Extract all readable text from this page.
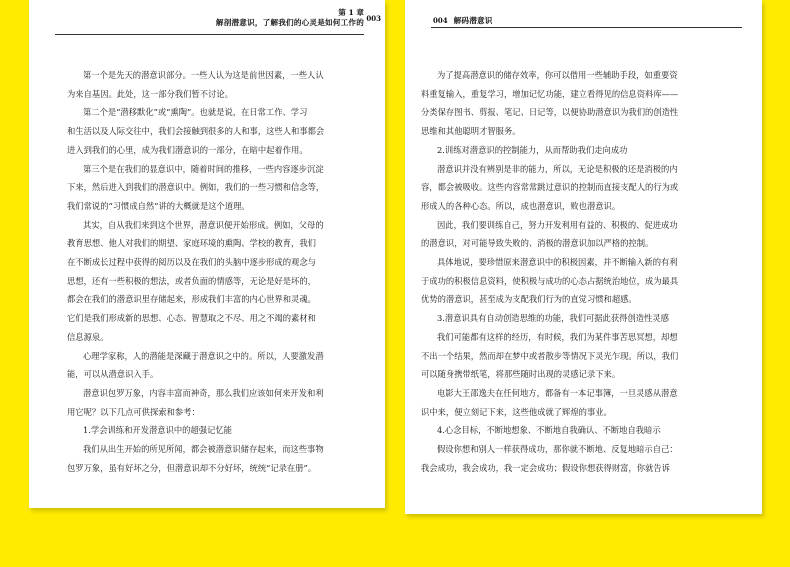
第 1 章
解剖潜意识，了解我们的心灵是如何工作的 003
第一个是先天的潜意识部分。一些人认为这是前世因素，一些人认
为来自基因。此处，这一部分我们暂不讨论。
第二个是“潜移默化”或“熏陶”。也就是说，在日常工作、学习
和生活以及人际交往中，我们会接触到很多的人和事，这些人和事都会
进入到我们的心里，成为我们潜意识的一部分，在暗中起着作用。
第三个是在我们的显意识中，随着时间的推移，一些内容逐步沉淀
下来，然后进入到我们的潜意识中。例如，我们的一些习惯和信念等，
我们常说的“习惯成自然”讲的大概就是这个道理。
其实，自从我们来到这个世界，潜意识便开始形成。例如，父母的
教育思想、他人对我们的期望、家庭环境的熏陶、学校的教育，我们
在不断成长过程中获得的阅历以及在我们的头脑中逐步形成的观念与
思想，还有一些积极的想法，或者负面的情感等，无论是好是坏的，
都会在我们的潜意识里存储起来，形成我们丰富的内心世界和灵魂。
它们是我们形成新的思想、心态、智慧取之不尽、用之不竭的素材和
信息源泉。
心理学家称，人的潜能是深藏于潜意识之中的。所以，人要激发潜
能，可以从潜意识入手。
潜意识包罗万象，内容丰富而神奇，那么我们应该如何来开发和利
用它呢？以下几点可供探索和参考：
1.学会训练和开发潜意识中的超强记忆能
我们从出生开始的所见所闻，都会被潜意识储存起来，而这些事物
包罗万象，虽有好坏之分，但潜意识却不分好坏，统统“记录在册”。
004 解码潜意识
为了提高潜意识的储存效率，你可以借用一些辅助手段，如重要资
料重复输入，重复学习，增加记忆功能，建立看得见的信息资料库——
分类保存图书、剪报、笔记、日记等，以便协助潜意识为我们的创造性
思维和其他聪明才智服务。
2.训练对潜意识的控制能力，从而帮助我们走向成功
潜意识并没有辨别是非的能力，所以，无论是积极的还是消极的内
容，都会被吸收。这些内容常常跳过意识的控制而直接支配人的行为或
形成人的各种心态。所以，成也潜意识，败也潜意识。
因此，我们要训练自己，努力开发利用有益的、积极的、促进成功
的潜意识，对可能导致失败的、消极的潜意识加以严格的控制。
具体地说，要珍惜原来潜意识中的积极因素，并不断输入新的有利
于成功的积极信息资料，使积极与成功的心态占据统治地位，成为最具
优势的潜意识，甚至成为支配我们行为的直觉习惯和超感。
3.潜意识具有自动创造思维的功能，我们可据此获得创造性灵感
我们可能都有这样的经历，有时候，我们为某件事苦思冥想，却想
不出一个结果，然而却在梦中或者散步等情况下灵光乍现。所以，我们
可以随身携带纸笔，将那些随时出现的灵感记录下来。
电影大王邵逸夫在任何地方，都备有一本记事簿，一旦灵感从潜意
识中来，便立刻记下来，这些他成就了辉煌的事业。
4.心念目标，不断地想象、不断地自我确认、不断地自我暗示
假设你想和别人一样获得成功，那你就不断地、反复地暗示自己：
我会成功，我会成功，我一定会成功；假设你想获得财富，你就告诉
